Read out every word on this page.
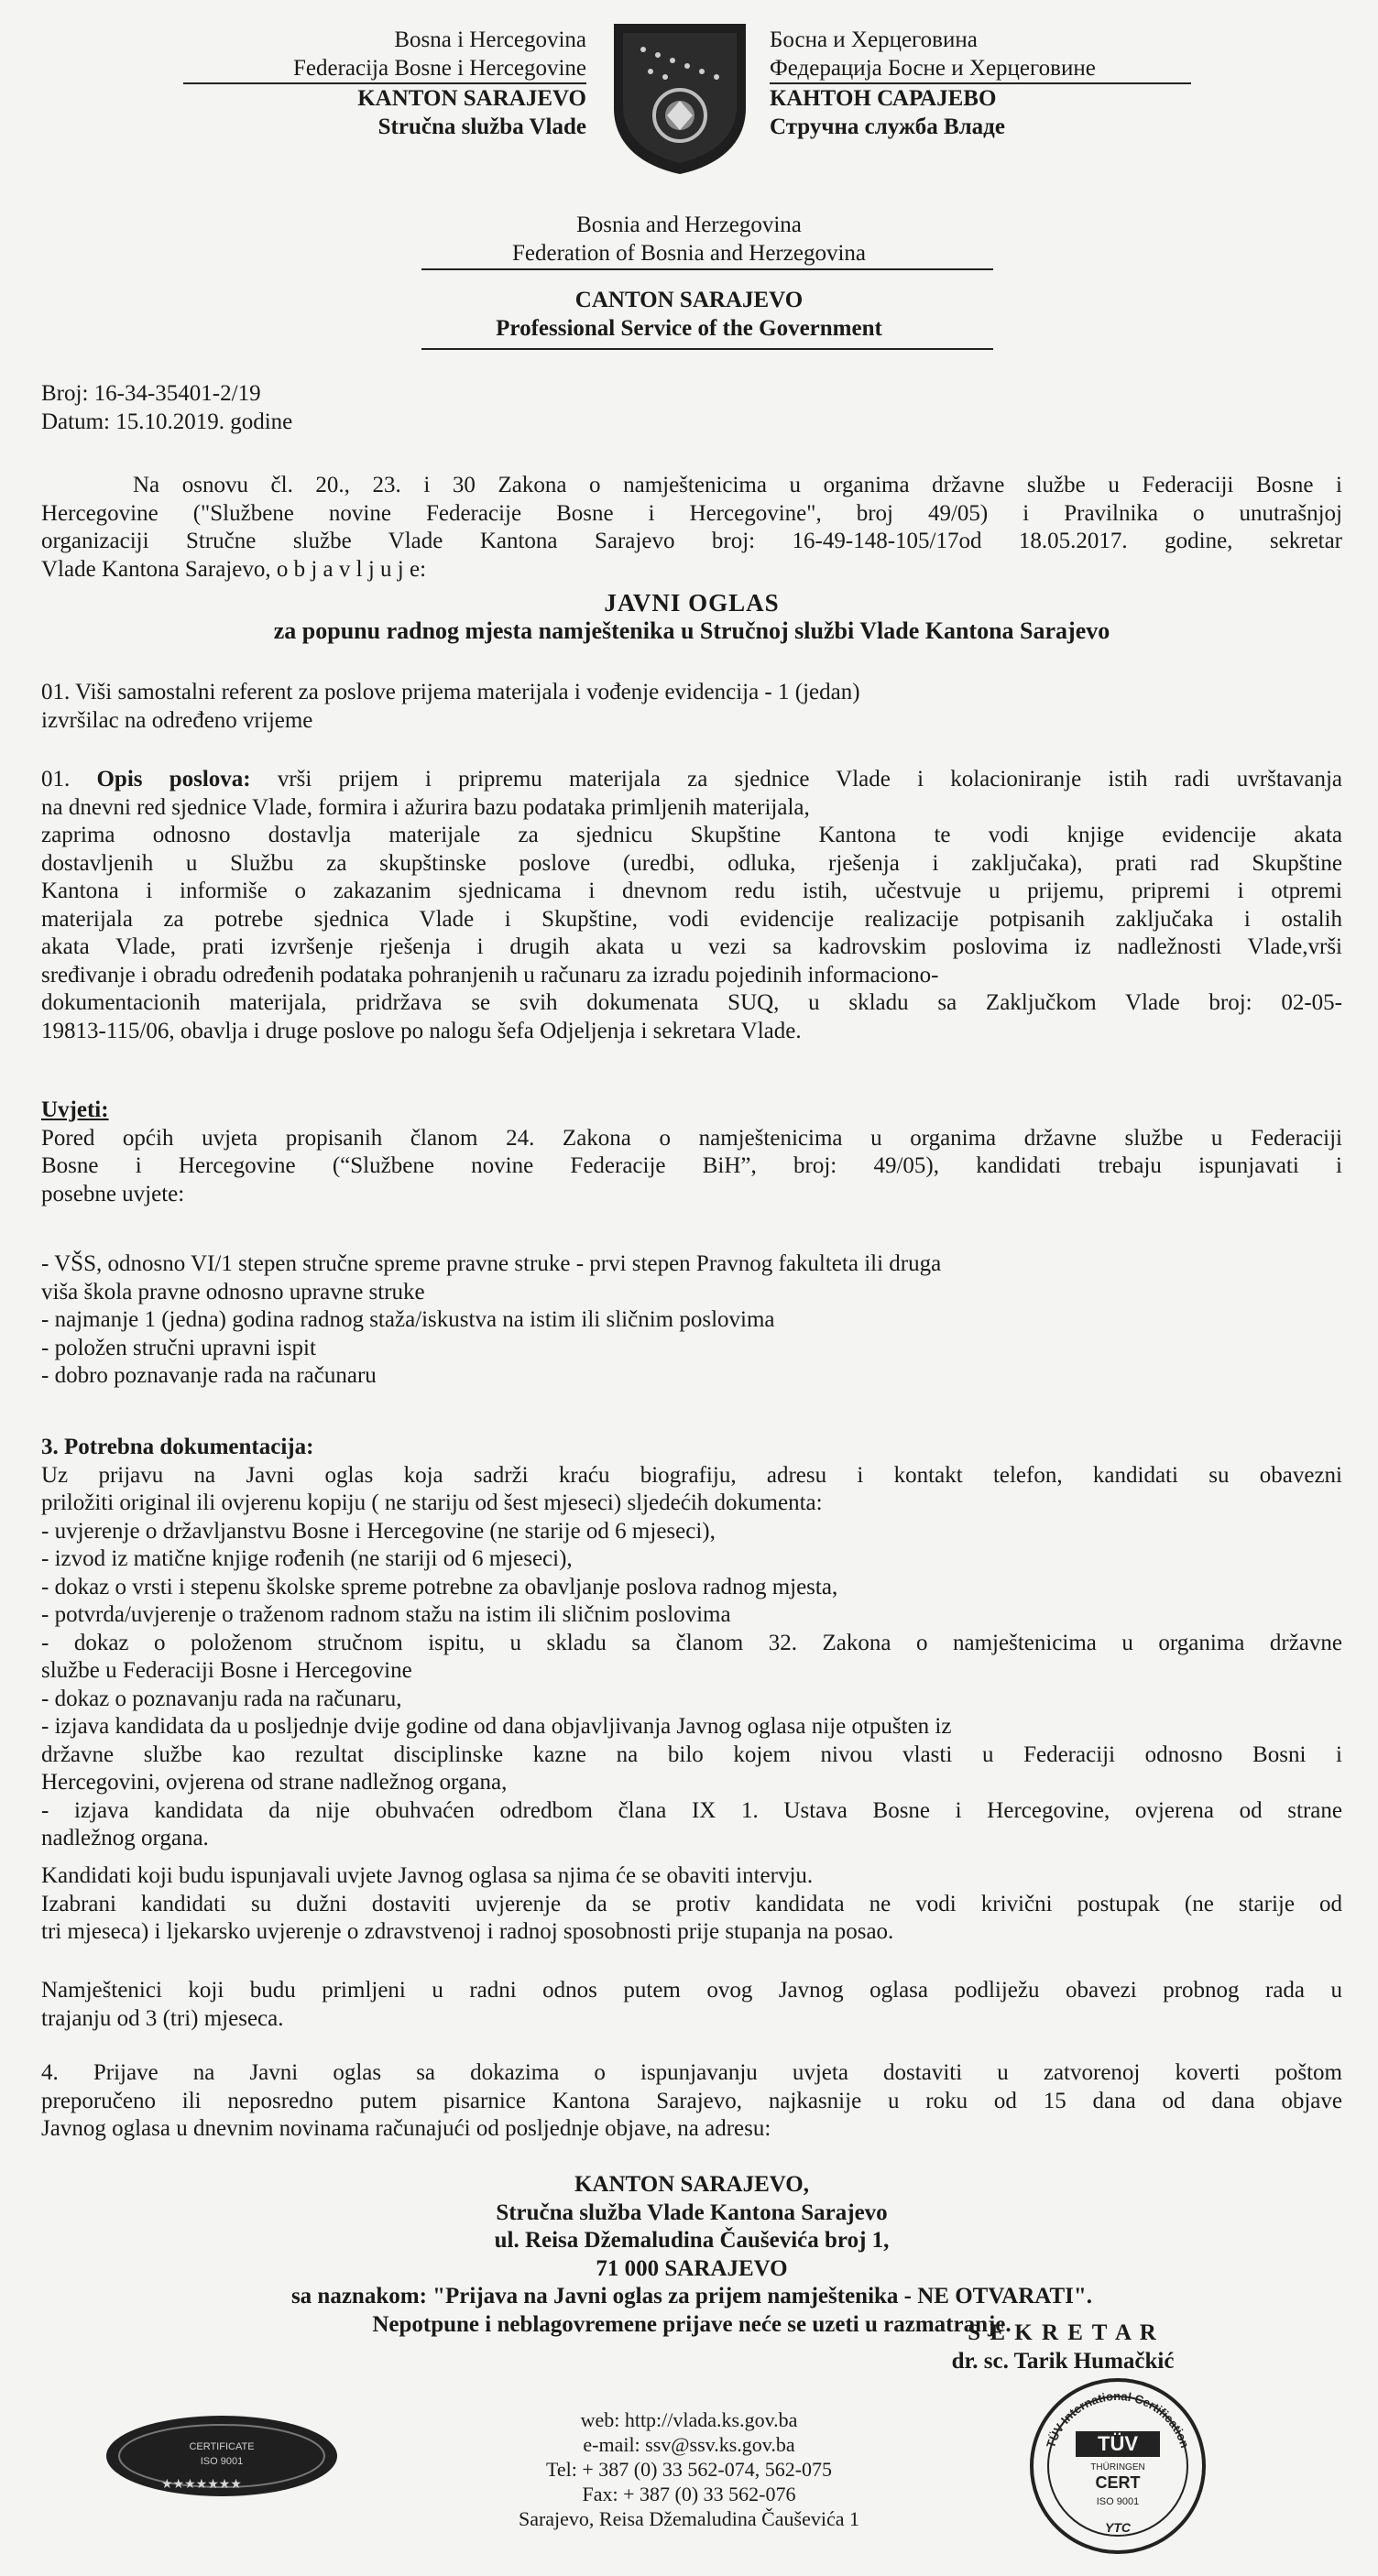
Bosna i Hercegovina
Federacija Bosne i Hercegovine
KANTON SARAJEVO
Stručna služba Vlade
Босна и Херцеговина
Федерација Босне и Херцеговине
КАНТОН САРАЈЕВО
Стручна служба Владе
Bosnia and Herzegovina
Federation of Bosnia and Herzegovina
CANTON SARAJEVO
Professional Service of the Government
Broj: 16-34-35401-2/19
Datum: 15.10.2019. godine
Na osnovu čl. 20., 23. i 30 Zakona o namještenicima u organima državne službe u Federaciji Bosne i
Hercegovine ("Službene novine Federacije Bosne i Hercegovine", broj 49/05) i Pravilnika o unutrašnjoj
organizaciji Stručne službe Vlade Kantona Sarajevo broj: 16-49-148-105/17od 18.05.2017. godine, sekretar
Vlade Kantona Sarajevo, o b j a v l j u j e:
JAVNI OGLAS
za popunu radnog mjesta namještenika u Stručnoj službi Vlade Kantona Sarajevo
01. Viši samostalni referent za poslove prijema materijala i vođenje evidencija - 1 (jedan)
izvršilac na određeno vrijeme
01. Opis poslova: vrši prijem i pripremu materijala za sjednice Vlade i kolacioniranje istih radi uvrštavanja
na dnevni red sjednice Vlade, formira i ažurira bazu podataka primljenih materijala,
zaprima odnosno dostavlja materijale za sjednicu Skupštine Kantona te vodi knjige evidencije akata
dostavljenih u Službu za skupštinske poslove (uredbi, odluka, rješenja i zaključaka), prati rad Skupštine
Kantona i informiše o zakazanim sjednicama i dnevnom redu istih, učestvuje u prijemu, pripremi i otpremi
materijala za potrebe sjednica Vlade i Skupštine, vodi evidencije realizacije potpisanih zaključaka i ostalih
akata Vlade, prati izvršenje rješenja i drugih akata u vezi sa kadrovskim poslovima iz nadležnosti Vlade,vrši
sređivanje i obradu određenih podataka pohranjenih u računaru za izradu pojedinih informaciono-
dokumentacionih materijala, pridržava se svih dokumenata SUQ, u skladu sa Zaključkom Vlade broj: 02-05-
19813-115/06, obavlja i druge poslove po nalogu šefa Odjeljenja i sekretara Vlade.
Uvjeti:
Pored općih uvjeta propisanih članom 24. Zakona o namještenicima u organima državne službe u Federaciji
Bosne i Hercegovine (“Službene novine Federacije BiH”, broj: 49/05), kandidati trebaju ispunjavati i
posebne uvjete:
- VŠS, odnosno VI/1 stepen stručne spreme pravne struke - prvi stepen Pravnog fakulteta ili druga
viša škola pravne odnosno upravne struke
- najmanje 1 (jedna) godina radnog staža/iskustva na istim ili sličnim poslovima
- položen stručni upravni ispit
- dobro poznavanje rada na računaru
3. Potrebna dokumentacija:
Uz prijavu na Javni oglas koja sadrži kraću biografiju, adresu i kontakt telefon, kandidati su obavezni
priložiti original ili ovjerenu kopiju ( ne stariju od šest mjeseci) sljedećih dokumenta:
- uvjerenje o državljanstvu Bosne i Hercegovine (ne starije od 6 mjeseci),
- izvod iz matične knjige rođenih (ne stariji od 6 mjeseci),
- dokaz o vrsti i stepenu školske spreme potrebne za obavljanje poslova radnog mjesta,
- potvrda/uvjerenje o traženom radnom stažu na istim ili sličnim poslovima
- dokaz o položenom stručnom ispitu, u skladu sa članom 32. Zakona o namještenicima u organima državne
službe u Federaciji Bosne i Hercegovine
- dokaz o poznavanju rada na računaru,
- izjava kandidata da u posljednje dvije godine od dana objavljivanja Javnog oglasa nije otpušten iz
državne službe kao rezultat disciplinske kazne na bilo kojem nivou vlasti u Federaciji odnosno Bosni i
Hercegovini, ovjerena od strane nadležnog organa,
- izjava kandidata da nije obuhvaćen odredbom člana IX 1. Ustava Bosne i Hercegovine, ovjerena od strane
nadležnog organa.
Kandidati koji budu ispunjavali uvjete Javnog oglasa sa njima će se obaviti intervju.
Izabrani kandidati su dužni dostaviti uvjerenje da se protiv kandidata ne vodi krivični postupak (ne starije od
tri mjeseca) i ljekarsko uvjerenje o zdravstvenoj i radnoj sposobnosti prije stupanja na posao.
Namještenici koji budu primljeni u radni odnos putem ovog Javnog oglasa podliježu obavezi probnog rada u
trajanju od 3 (tri) mjeseca.
4. Prijave na Javni oglas sa dokazima o ispunjavanju uvjeta dostaviti u zatvorenoj koverti poštom
preporučeno ili neposredno putem pisarnice Kantona Sarajevo, najkasnije u roku od 15 dana od dana objave
Javnog oglasa u dnevnim novinama računajući od posljednje objave, na adresu:
KANTON SARAJEVO,
Stručna služba Vlade Kantona Sarajevo
ul. Reisa Džemaludina Čauševića broj 1,
71 000 SARAJEVO
sa naznakom: "Prijava na Javni oglas za prijem namještenika - NE OTVARATI".
Nepotpune i neblagovremene prijave neće se uzeti u razmatranje.
S E K R E T A R
dr. sc. Tarik Humačkić
CERTIFICATE
ISO 9001
★★★★★★★
web: http://vlada.ks.gov.ba
e-mail: ssv@ssv.ks.gov.ba
Tel: + 387 (0) 33 562-074, 562-075
Fax: + 387 (0) 33 562-076
Sarajevo, Reisa Džemaludina Čauševića 1
TÜV International Certification
TÜV
THÜRINGEN
CERT
ISO 9001
YTC
